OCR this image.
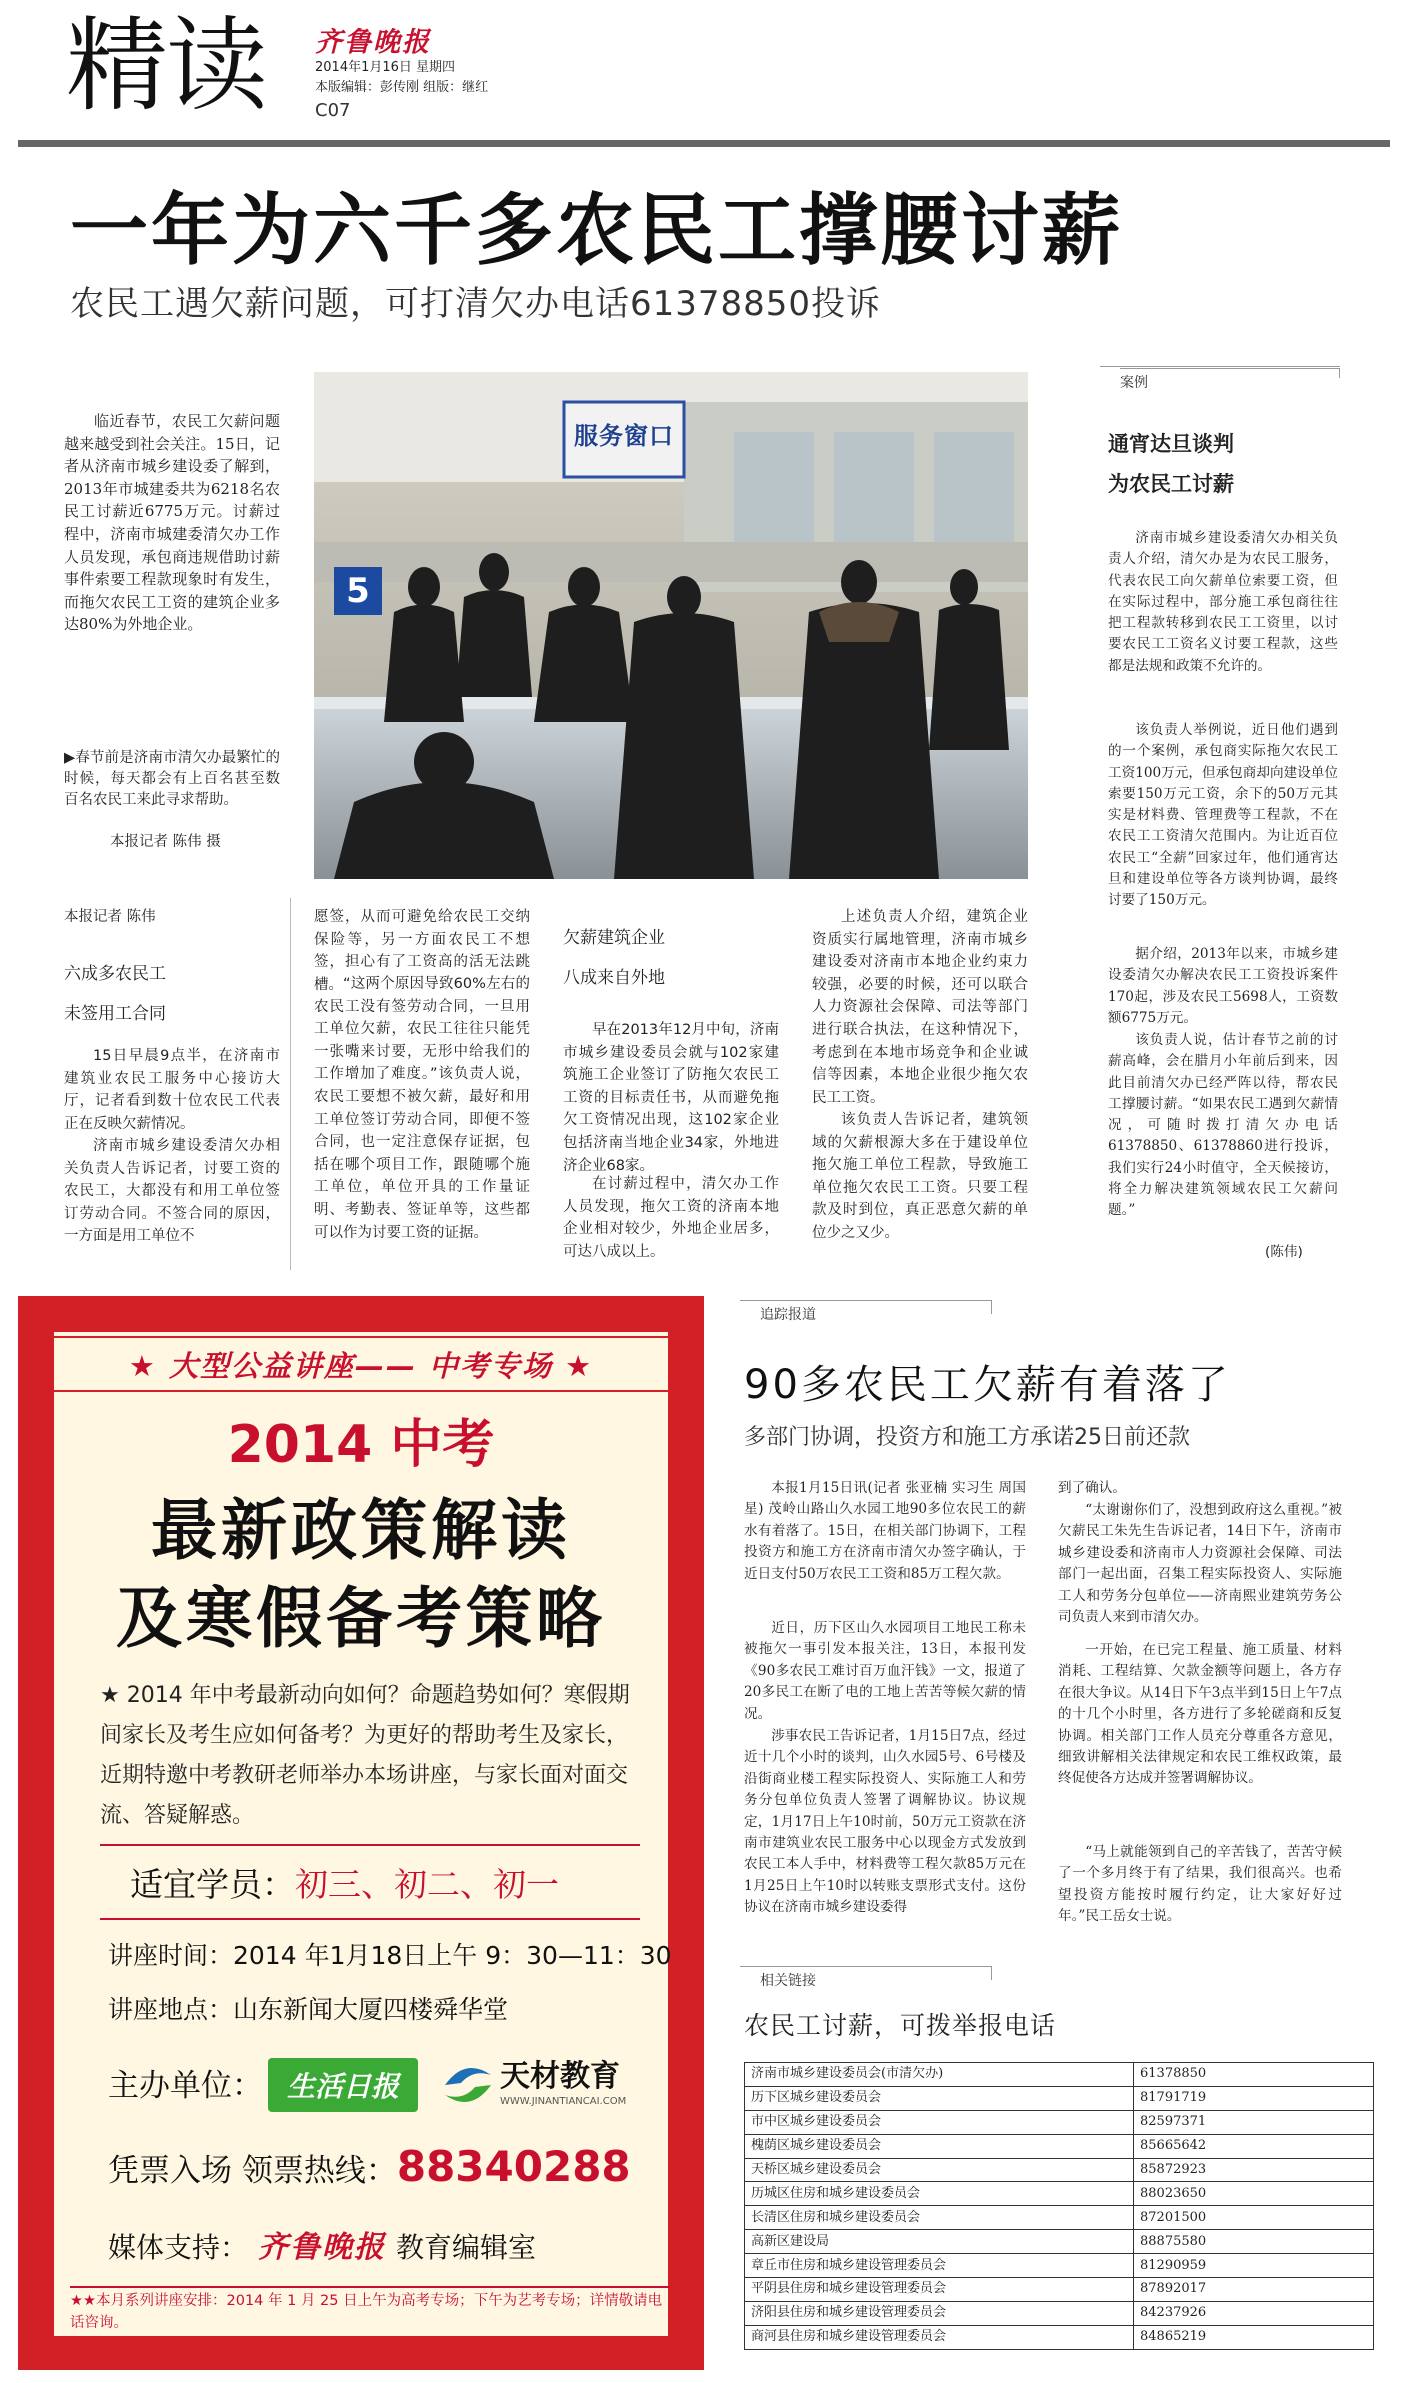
精读 齐鲁晚报
2014年1月16日 星期四
本版编辑：彭传刚 组版：继红
C07
一年为六千多农民工撑腰讨薪
农民工遇欠薪问题，可打清欠办电话61378850投诉
临近春节，农民工欠薪问题越来越受到社会关注。15日，记者从济南市城乡建设委了解到，2013年市城建委共为6218名农民工讨薪近6775万元。讨薪过程中，济南市城建委清欠办工作人员发现，承包商违规借助讨薪事件索要工程款现象时有发生，而拖欠农民工工资的建筑企业多达80%为外地企业。
▶春节前是济南市清欠办最繁忙的时候，每天都会有上百名甚至数百名农民工来此寻求帮助。
本报记者 陈伟 摄
服务窗口
5
本报记者 陈伟
六成多农民工
未签用工合同
15日早晨9点半，在济南市建筑业农民工服务中心接访大厅，记者看到数十位农民工代表正在反映欠薪情况。
济南市城乡建设委清欠办相关负责人告诉记者，讨要工资的农民工，大都没有和用工单位签订劳动合同。不签合同的原因，一方面是用工单位不
愿签，从而可避免给农民工交纳保险等，另一方面农民工不想签，担心有了工资高的活无法跳槽。 “这两个原因导致60%左右的农民工没有签劳动合同，一旦用工单位欠薪，农民工往往只能凭一张嘴来讨要，无形中给我们的工作增加了难度。”该负责人说，农民工要想不被欠薪，最好和用工单位签订劳动合同，即便不签合同，也一定注意保存证据，包括在哪个项目工作，跟随哪个施工单位，单位开具的工作量证明、考勤表、签证单等，这些都可以作为讨要工资的证据。
欠薪建筑企业
八成来自外地
早在2013年12月中旬，济南市城乡建设委员会就与102家建筑施工企业签订了防拖欠农民工工资的目标责任书，从而避免拖欠工资情况出现，这102家企业包括济南当地企业34家，外地进济企业68家。
在讨薪过程中，清欠办工作人员发现，拖欠工资的济南本地企业相对较少，外地企业居多，可达八成以上。
上述负责人介绍，建筑企业资质实行属地管理，济南市城乡建设委对济南市本地企业约束力较强，必要的时候，还可以联合人力资源社会保障、司法等部门进行联合执法，在这种情况下，考虑到在本地市场竞争和企业诚信等因素，本地企业很少拖欠农民工工资。
该负责人告诉记者，建筑领域的欠薪根源大多在于建设单位拖欠施工单位工程款，导致施工单位拖欠农民工工资。只要工程款及时到位，真正恶意欠薪的单位少之又少。
案例
通宵达旦谈判
为农民工讨薪
济南市城乡建设委清欠办相关负责人介绍，清欠办是为农民工服务，代表农民工向欠薪单位索要工资，但在实际过程中，部分施工承包商往往把工程款转移到农民工工资里，以讨要农民工工资名义讨要工程款，这些都是法规和政策不允许的。
该负责人举例说，近日他们遇到的一个案例，承包商实际拖欠农民工工资100万元，但承包商却向建设单位索要150万元工资，余下的50万元其实是材料费、管理费等工程款，不在农民工工资清欠范围内。为让近百位农民工“全薪”回家过年，他们通宵达旦和建设单位等各方谈判协调，最终讨要了150万元。
据介绍，2013年以来，市城乡建设委清欠办解决农民工工资投诉案件170起，涉及农民工5698人，工资数额6775万元。
该负责人说，估计春节之前的讨薪高峰，会在腊月小年前后到来，因此目前清欠办已经严阵以待，帮农民工撑腰讨薪。“如果农民工遇到欠薪情况，可随时拨打清欠办电话61378850、61378860进行投诉，我们实行24小时值守，全天候接访，将全力解决建筑领域农民工欠薪问题。”
(陈伟)
★ 大型公益讲座—— 中考专场 ★
2014 中考
最新政策解读
及寒假备考策略
★ 2014 年中考最新动向如何？命题趋势如何？寒假期间家长及考生应如何备考？为更好的帮助考生及家长，近期特邀中考教研老师举办本场讲座，与家长面对面交流、答疑解惑。
适宜学员：初三、初二、初一
讲座时间：2014 年1月18日上午 9：30—11：30
讲座地点：山东新闻大厦四楼舜华堂
主办单位： 生活日报	天材教育
WWW.JINANTIANCAI.COM
凭票入场 领票热线：88340288
媒体支持： 齐鲁晚报 教育编辑室
★★本月系列讲座安排：2014 年 1 月 25 日上午为高考专场；下午为艺考专场；详情敬请电话咨询。
追踪报道
90多农民工欠薪有着落了
多部门协调，投资方和施工方承诺25日前还款
本报1月15日讯(记者 张亚楠 实习生 周国星) 茂岭山路山久水园工地90多位农民工的薪水有着落了。15日，在相关部门协调下，工程投资方和施工方在济南市清欠办签字确认，于近日支付50万农民工工资和85万工程欠款。
近日，历下区山久水园项目工地民工称未被拖欠一事引发本报关注，13日，本报刊发《90多农民工难讨百万血汗钱》一文，报道了20多民工在断了电的工地上苦苦等候欠薪的情况。
涉事农民工告诉记者，1月15日7点，经过近十几个小时的谈判，山久水园5号、6号楼及沿街商业楼工程实际投资人、实际施工人和劳务分包单位负责人签署了调解协议。协议规定，1月17日上午10时前，50万元工资款在济南市建筑业农民工服务中心以现金方式发放到农民工本人手中，材料费等工程欠款85万元在1月25日上午10时以转账支票形式支付。这份协议在济南市城乡建设委得
到了确认。
“太谢谢你们了，没想到政府这么重视。”被欠薪民工朱先生告诉记者，14日下午，济南市城乡建设委和济南市人力资源社会保障、司法部门一起出面，召集工程实际投资人、实际施工人和劳务分包单位——济南熙业建筑劳务公司负责人来到市清欠办。
一开始，在已完工程量、施工质量、材料消耗、工程结算、欠款金额等问题上，各方存在很大争议。从14日下午3点半到15日上午7点的十几个小时里，各方进行了多轮磋商和反复协调。相关部门工作人员充分尊重各方意见，细致讲解相关法律规定和农民工维权政策，最终促使各方达成并签署调解协议。
“马上就能领到自己的辛苦钱了，苦苦守候了一个多月终于有了结果，我们很高兴。也希望投资方能按时履行约定，让大家好好过年。”民工岳女士说。
相关链接
农民工讨薪，可拨举报电话
济南市城乡建设委员会(市清欠办)	61378850
历下区城乡建设委员会	81791719
市中区城乡建设委员会	82597371
槐荫区城乡建设委员会	85665642
天桥区城乡建设委员会	85872923
历城区住房和城乡建设委员会	88023650
长清区住房和城乡建设委员会	87201500
高新区建设局	88875580
章丘市住房和城乡建设管理委员会	81290959
平阴县住房和城乡建设管理委员会	87892017
济阳县住房和城乡建设管理委员会	84237926
商河县住房和城乡建设管理委员会	84865219
